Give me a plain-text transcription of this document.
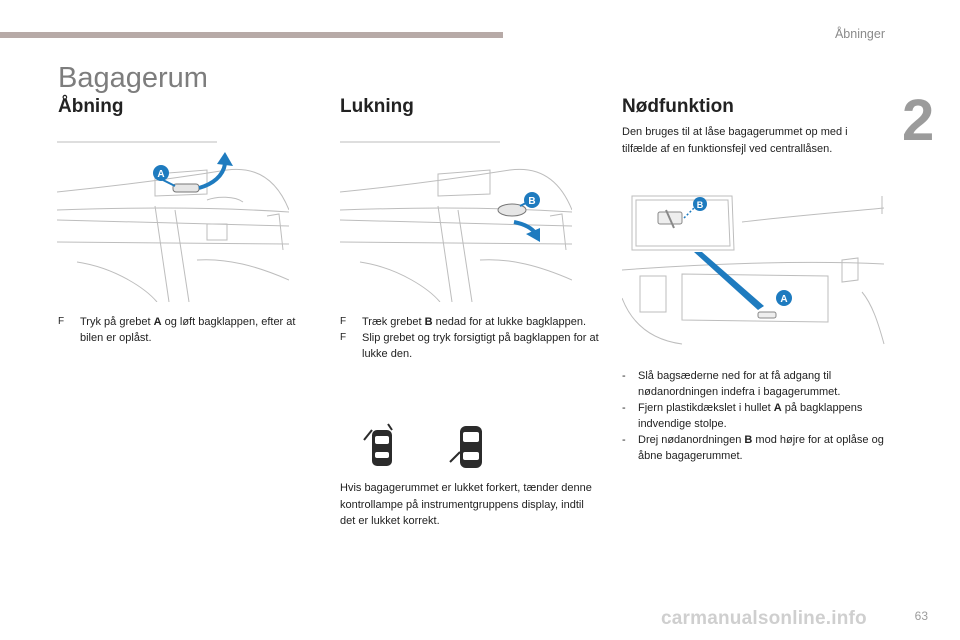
Åbninger
2
Bagagerum
Åbning
A
F Tryk på grebet A og løft bagklappen, efter at bilen er oplåst.
Lukning
B
F Træk grebet B nedad for at lukke bagklappen.
F Slip grebet og tryk forsigtigt på bagklappen for at lukke den.
Hvis bagagerummet er lukket forkert, tænder denne kontrollampe på instrumentgruppens display, indtil det er lukket korrekt.
Nødfunktion
Den bruges til at låse bagagerummet op med i tilfælde af en funktionsfejl ved centrallåsen.
B
A
- Slå bagsæderne ned for at få adgang til nødanordningen indefra i bagagerummet.
- Fjern plastikdækslet i hullet A på bagklappens indvendige stolpe.
- Drej nødanordningen B mod højre for at oplåse og åbne bagagerummet.
carmanualsonline.info	63
